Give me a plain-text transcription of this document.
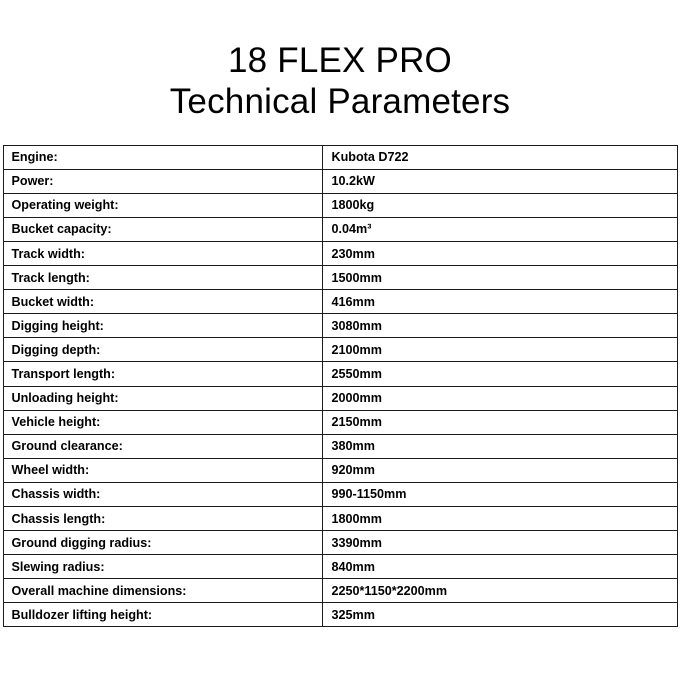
18 FLEX PRO
Technical Parameters
Engine:	Kubota D722
Power:	10.2kW
Operating weight:	1800kg
Bucket capacity:	0.04m³
Track width:	230mm
Track length:	1500mm
Bucket width:	416mm
Digging height:	3080mm
Digging depth:	2100mm
Transport length:	2550mm
Unloading height:	2000mm
Vehicle height:	2150mm
Ground clearance:	380mm
Wheel width:	920mm
Chassis width:	990-1150mm
Chassis length:	1800mm
Ground digging radius:	3390mm
Slewing radius:	840mm
Overall machine dimensions:	2250*1150*2200mm
Bulldozer lifting height:	325mm
